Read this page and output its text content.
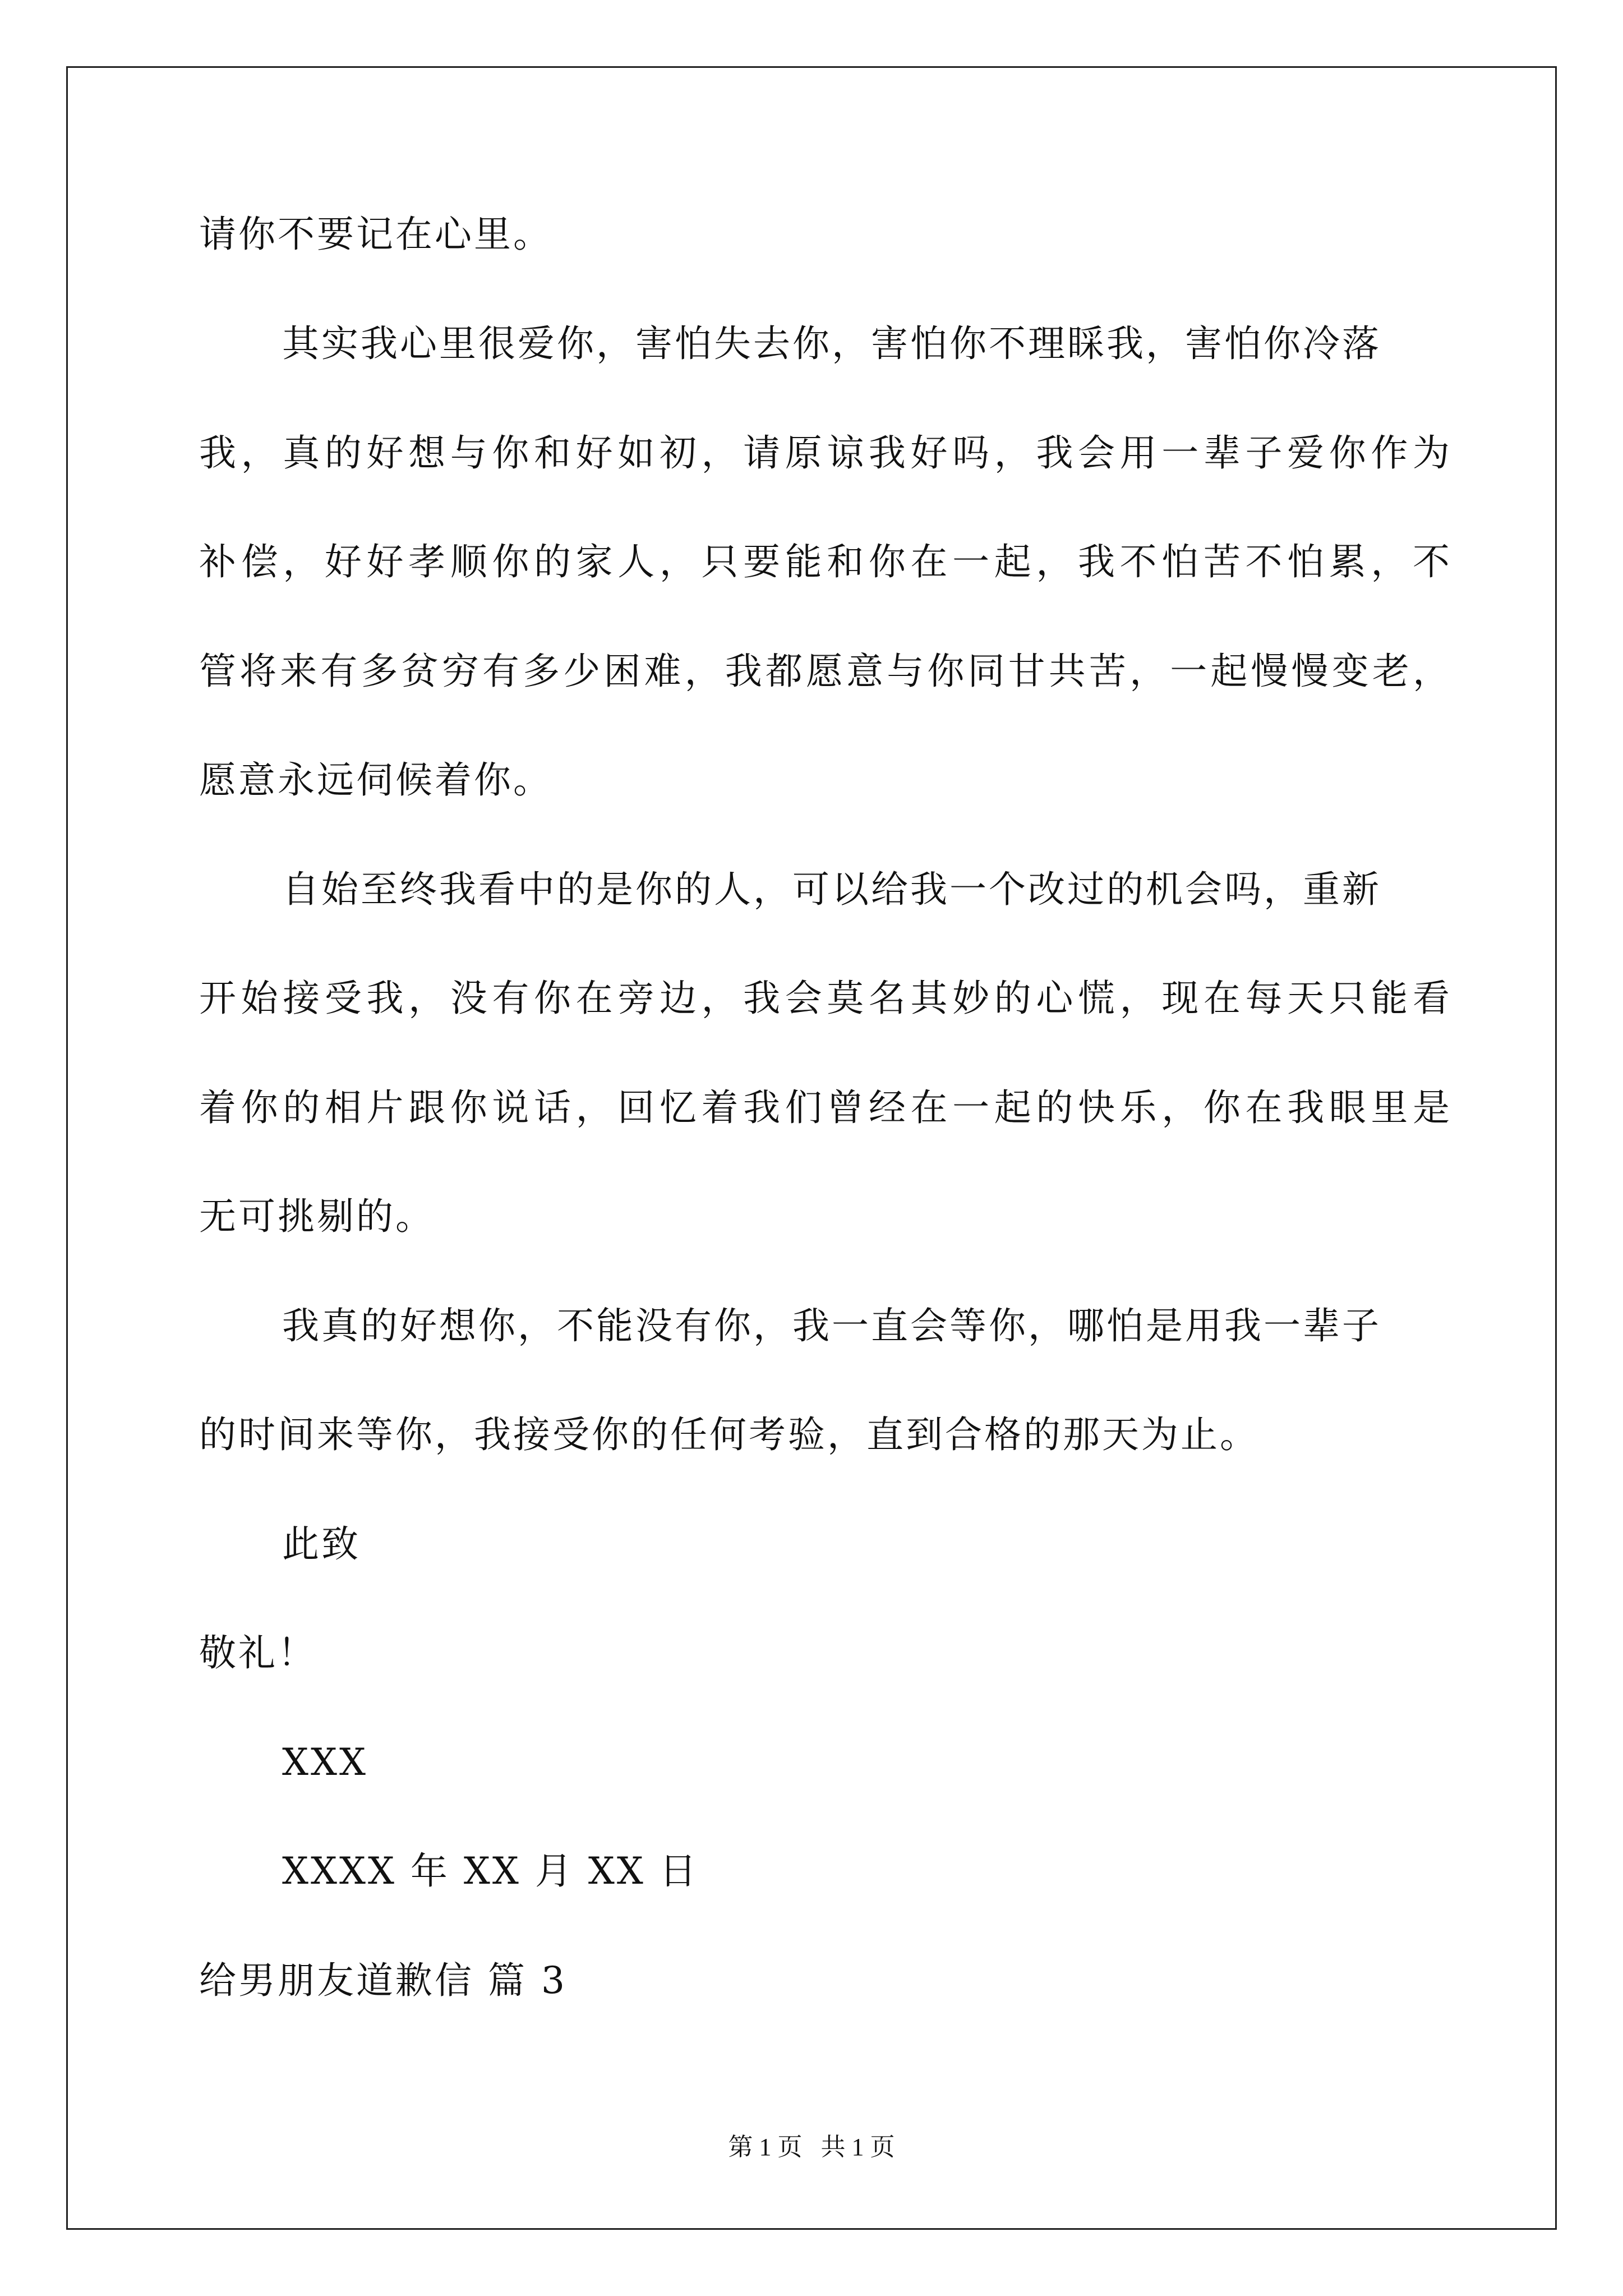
请你不要记在心里。
其实我心里很爱你，害怕失去你，害怕你不理睬我，害怕你冷落
我，真的好想与你和好如初，请原谅我好吗，我会用一辈子爱你作为
补偿，好好孝顺你的家人，只要能和你在一起，我不怕苦不怕累，不
管将来有多贫穷有多少困难，我都愿意与你同甘共苦，一起慢慢变老，
愿意永远伺候着你。
自始至终我看中的是你的人，可以给我一个改过的机会吗，重新
开始接受我，没有你在旁边，我会莫名其妙的心慌，现在每天只能看
着你的相片跟你说话，回忆着我们曾经在一起的快乐，你在我眼里是
无可挑剔的。
我真的好想你，不能没有你，我一直会等你，哪怕是用我一辈子
的时间来等你，我接受你的任何考验，直到合格的那天为止。
此致
敬礼！
XXX
XXXX 年 XX 月 XX 日
给男朋友道歉信 篇 3
第 1 页   共 1 页
